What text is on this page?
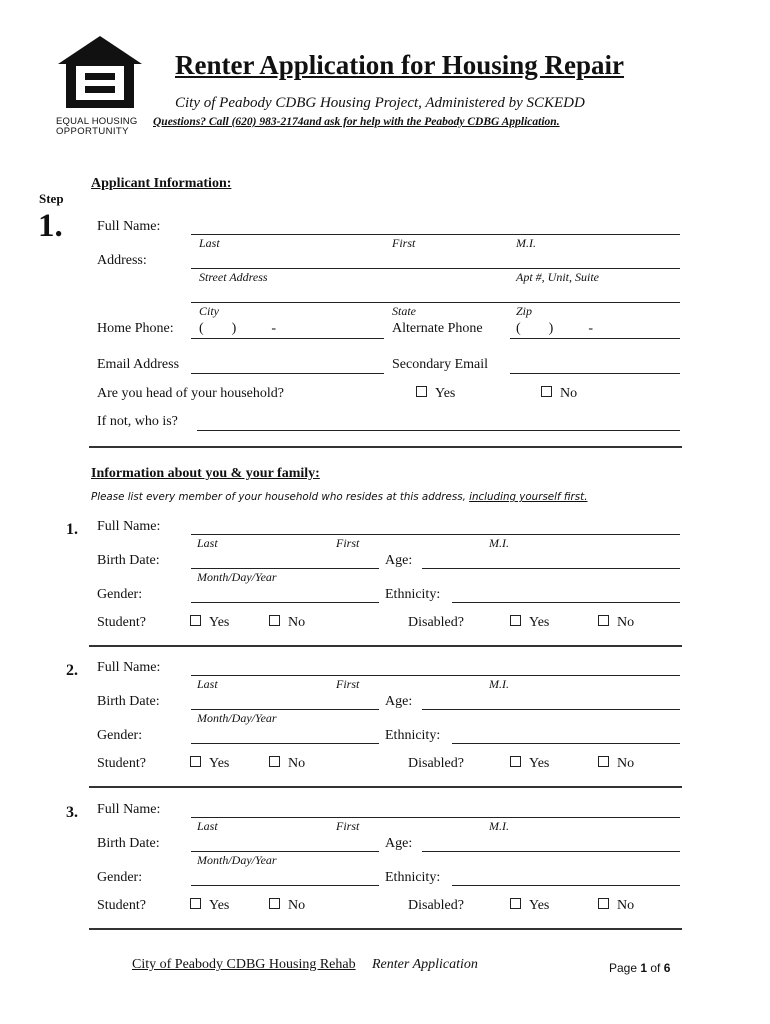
EQUAL HOUSING
OPPORTUNITY
Renter Application for Housing Repair
City of Peabody CDBG Housing Project, Administered by SCKEDD
Questions? Call (620) 983-2174and ask for help with the Peabody CDBG Application.
Step
1.
Applicant Information:
Full Name:
Last	First	M.I.
Address:
Street Address	Apt #, Unit, Suite
City	State	Zip
Home Phone: (        )          -	Alternate Phone (        )          -
Email Address	Secondary Email
Are you head of your household?	Yes	No
If not, who is?
Information about you & your family:
Please list every member of your household who resides at this address, including yourself first.
1. Full Name:
Last	First	M.I.
Birth Date:
Month/Day/Year
Age:
Gender:	Ethnicity:
Student?	Yes	No	Disabled?	Yes	No
2. Full Name:
Last	First	M.I.
Birth Date:
Month/Day/Year
Age:
Gender:	Ethnicity:
Student?	Yes	No	Disabled?	Yes	No
3. Full Name:
Last	First	M.I.
Birth Date:
Month/Day/Year
Age:
Gender:	Ethnicity:
Student?	Yes	No	Disabled?	Yes	No
City of Peabody CDBG Housing Rehab Renter Application	Page 1 of 6
